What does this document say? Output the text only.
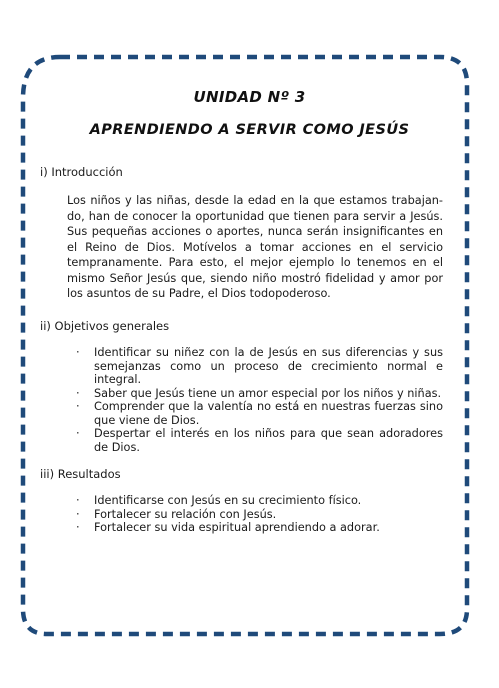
UNIDAD Nº 3
APRENDIENDO A SERVIR COMO JESÚS

i) Introducción

Los niños y las niñas, desde la edad en la que estamos trabajando, han de conocer la oportunidad que tienen para servir a Jesús. Sus pequeñas acciones o aportes, nunca serán insignificantes en el Reino de Dios. Motívelos a tomar acciones en el servicio tempranamente. Para esto, el mejor ejemplo lo tenemos en el mismo Señor Jesús que, siendo niño mostró fidelidad y amor por los asuntos de su Padre, el Dios todopoderoso.

ii) Objetivos generales

· Identificar su niñez con la de Jesús en sus diferencias y sus semejanzas como un proceso de crecimiento normal e integral.
· Saber que Jesús tiene un amor especial por los niños y niñas.
· Comprender que la valentía no está en nuestras fuerzas sino que viene de Dios.
· Despertar el interés en los niños para que sean adoradores de Dios.

iii) Resultados

· Identificarse con Jesús en su crecimiento físico.
· Fortalecer su relación con Jesús.
· Fortalecer su vida espiritual aprendiendo a adorar.
